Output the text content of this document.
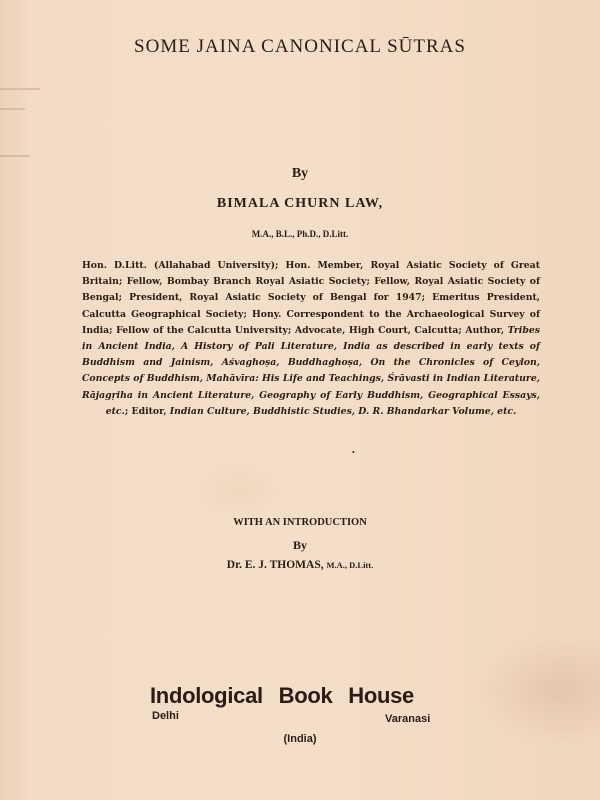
SOME JAINA CANONICAL SŪTRAS
By
BIMALA CHURN LAW,
M.A., B.L., Ph.D., D.Litt.
Hon. D.Litt. (Allahabad University); Hon. Member, Royal Asiatic Society of Great Britain; Fellow, Bombay Branch Royal Asiatic Society; Fellow, Royal Asiatic Society of Bengal; President, Royal Asiatic Society of Bengal for 1947; Emeritus President, Calcutta Geographical Society; Hony. Correspondent to the Archaeological Survey of India; Fellow of the Calcutta University; Advocate, High Court, Calcutta; Author, Tribes in Ancient India, A History of Pali Literature, India as described in early texts of Buddhism and Jainism, Aśvaghoṣa, Buddhaghoṣa, On the Chronicles of Ceylon, Concepts of Buddhism, Mahāvīra: His Life and Teachings, Śrāvasti in Indian Literature, Rājagṛiha in Ancient Literature, Geography of Early Buddhism, Geographical Essays, etc.; Editor, Indian Culture, Buddhistic Studies, D. R. Bhandarkar Volume, etc.
•
WITH AN INTRODUCTION
By
Dr. E. J. THOMAS, M.A., D.Litt.
Indological Book House
Delhi	Varanasi
(India)
